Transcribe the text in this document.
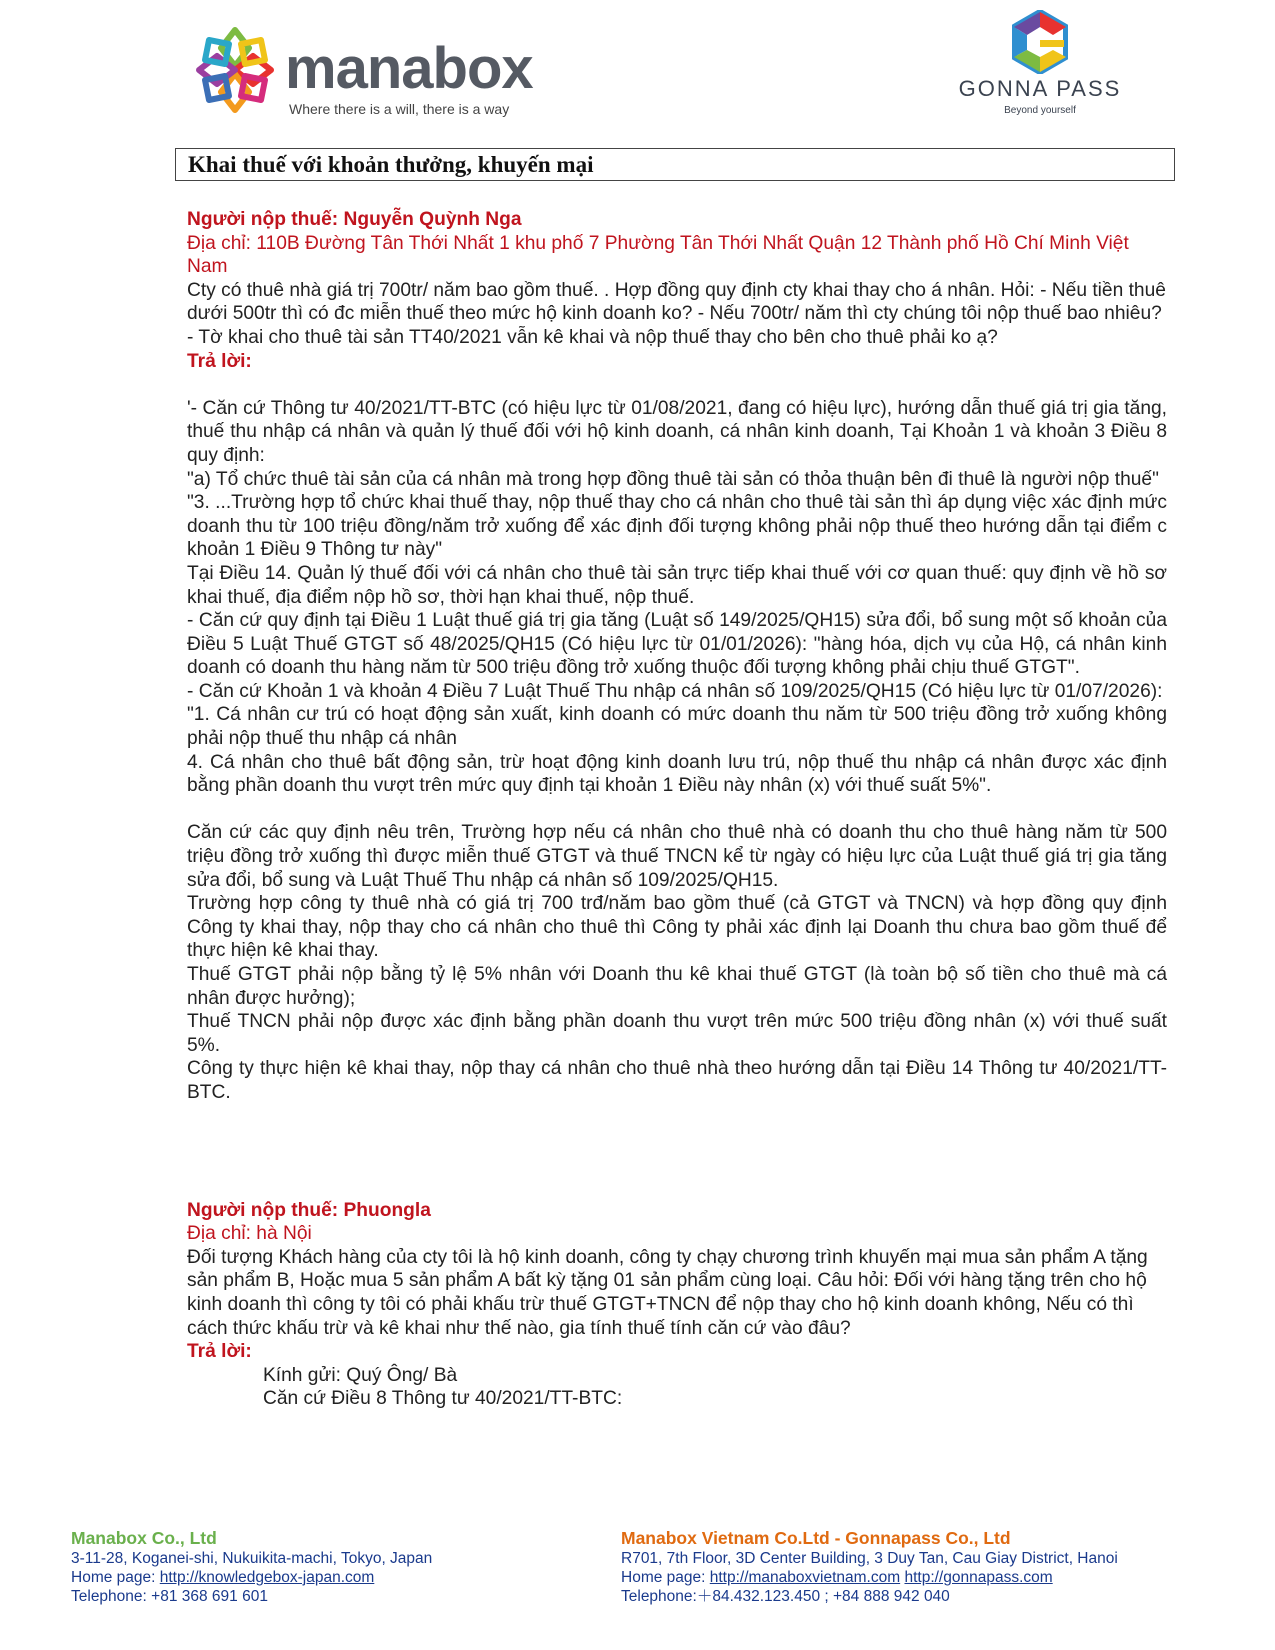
manabox
Where there is a will, there is a way
GONNA PASS
Beyond yourself
Khai thuế với khoản thưởng, khuyến mại

Người nộp thuế: Nguyễn Quỳnh Nga

Địa chỉ: 110B Đường Tân Thới Nhất 1 khu phố 7 Phường Tân Thới Nhất Quận 12 Thành phố Hồ Chí Minh Việt Nam

Cty có thuê nhà giá trị 700tr/ năm bao gồm thuế. . Hợp đồng quy định cty khai thay cho á nhân. Hỏi: - Nếu tiền thuê dưới 500tr thì có đc miễn thuế theo mức hộ kinh doanh ko? - Nếu 700tr/ năm thì cty chúng tôi nộp thuế bao nhiêu? - Tờ khai cho thuê tài sản TT40/2021 vẫn kê khai và nộp thuế thay cho bên cho thuê phải ko ạ?

Trả lời:

'- Căn cứ Thông tư 40/2021/TT-BTC (có hiệu lực từ 01/08/2021, đang có hiệu lực), hướng dẫn thuế giá trị gia tăng, thuế thu nhập cá nhân và quản lý thuế đối với hộ kinh doanh, cá nhân kinh doanh, Tại Khoản 1 và khoản 3 Điều 8 quy định:

"a) Tổ chức thuê tài sản của cá nhân mà trong hợp đồng thuê tài sản có thỏa thuận bên đi thuê là người nộp thuế"

"3. ...Trường hợp tổ chức khai thuế thay, nộp thuế thay cho cá nhân cho thuê tài sản thì áp dụng việc xác định mức doanh thu từ 100 triệu đồng/năm trở xuống để xác định đối tượng không phải nộp thuế theo hướng dẫn tại điểm c khoản 1 Điều 9 Thông tư này"

Tại Điều 14. Quản lý thuế đối với cá nhân cho thuê tài sản trực tiếp khai thuế với cơ quan thuế: quy định về hồ sơ khai thuế, địa điểm nộp hồ sơ, thời hạn khai thuế, nộp thuế.

- Căn cứ quy định tại Điều 1 Luật thuế giá trị gia tăng (Luật số 149/2025/QH15) sửa đổi, bổ sung một số khoản của Điều 5 Luật Thuế GTGT số 48/2025/QH15 (Có hiệu lực từ 01/01/2026): "hàng hóa, dịch vụ của Hộ, cá nhân kinh doanh có doanh thu hàng năm từ 500 triệu đồng trở xuống thuộc đối tượng không phải chịu thuế GTGT".

- Căn cứ Khoản 1 và khoản 4 Điều 7 Luật Thuế Thu nhập cá nhân số 109/2025/QH15 (Có hiệu lực từ 01/07/2026):

"1. Cá nhân cư trú có hoạt động sản xuất, kinh doanh có mức doanh thu năm từ 500 triệu đồng trở xuống không phải nộp thuế thu nhập cá nhân

4. Cá nhân cho thuê bất động sản, trừ hoạt động kinh doanh lưu trú, nộp thuế thu nhập cá nhân được xác định bằng phần doanh thu vượt trên mức quy định tại khoản 1 Điều này nhân (x) với thuế suất 5%".

Căn cứ các quy định nêu trên, Trường hợp nếu cá nhân cho thuê nhà có doanh thu cho thuê hàng năm từ 500 triệu đồng trở xuống thì được miễn thuế GTGT và thuế TNCN kể từ ngày có hiệu lực của Luật thuế giá trị gia tăng sửa đổi, bổ sung và Luật Thuế Thu nhập cá nhân số 109/2025/QH15.

Trường hợp công ty thuê nhà có giá trị 700 trđ/năm bao gồm thuế (cả GTGT và TNCN) và hợp đồng quy định Công ty khai thay, nộp thay cho cá nhân cho thuê thì Công ty phải xác định lại Doanh thu chưa bao gồm thuế để thực hiện kê khai thay.

Thuế GTGT phải nộp bằng tỷ lệ 5% nhân với Doanh thu kê khai thuế GTGT (là toàn bộ số tiền cho thuê mà cá nhân được hưởng);

Thuế TNCN phải nộp được xác định bằng phần doanh thu vượt trên mức 500 triệu đồng nhân (x) với thuế suất 5%.

Công ty thực hiện kê khai thay, nộp thay cá nhân cho thuê nhà theo hướng dẫn tại Điều 14 Thông tư 40/2021/TT-BTC.

Người nộp thuế: Phuongla

Địa chỉ: hà Nội

Đối tượng Khách hàng của cty tôi là hộ kinh doanh, công ty chạy chương trình khuyến mại mua sản phẩm A tặng sản phẩm B, Hoặc mua 5 sản phẩm A bất kỳ tặng 01 sản phẩm cùng loại. Câu hỏi: Đối với hàng tặng trên cho hộ kinh doanh thì công ty tôi có phải khấu trừ thuế GTGT+TNCN để nộp thay cho hộ kinh doanh không, Nếu có thì cách thức khấu trừ và kê khai như thế nào, gia tính thuế tính căn cứ vào đâu?

Trả lời:

Kính gửi: Quý Ông/ Bà

Căn cứ Điều 8 Thông tư 40/2021/TT-BTC:

Manabox Co., Ltd
3-11-28, Koganei-shi, Nukuikita-machi, Tokyo, Japan
Home page: http://knowledgebox-japan.com
Telephone: +81 368 691 601
Manabox Vietnam Co.Ltd - Gonnapass Co., Ltd
R701, 7th Floor, 3D Center Building, 3 Duy Tan, Cau Giay District, Hanoi
Home page: http://manaboxvietnam.com http://gonnapass.com
Telephone:＋84.432.123.450 ; +84 888 942 040
